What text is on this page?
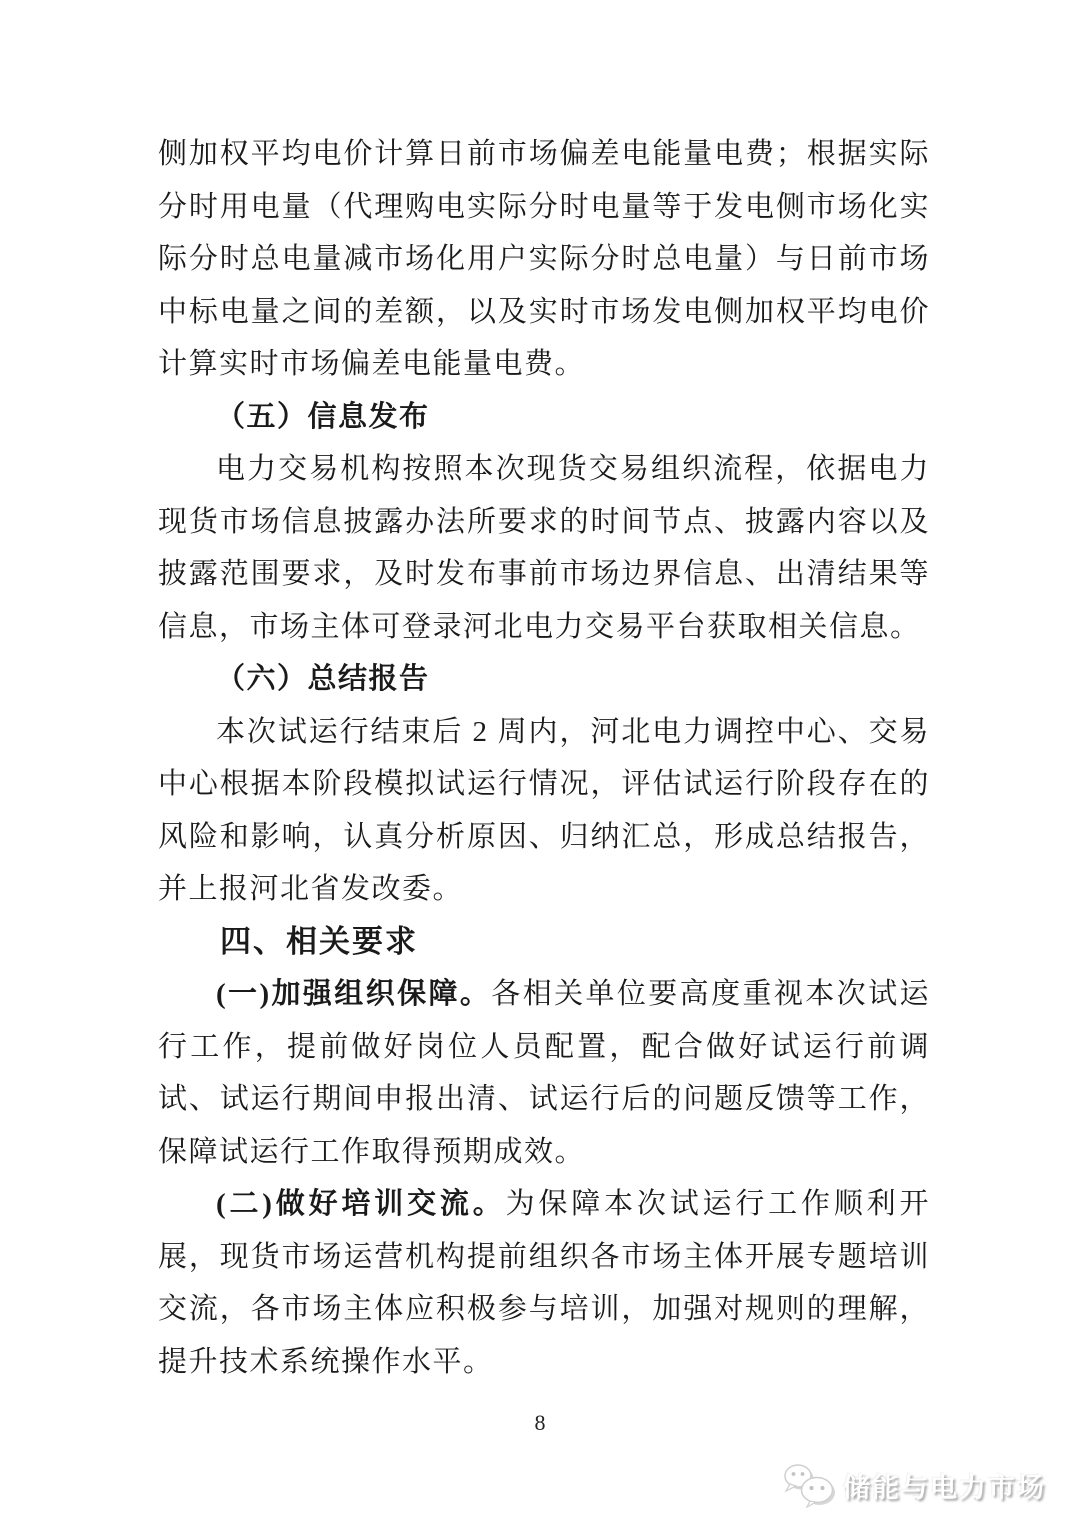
侧加权平均电价计算日前市场偏差电能量电费；根据实际分时用电量（代理购电实际分时电量等于发电侧市场化实际分时总电量减市场化用户实际分时总电量）与日前市场中标电量之间的差额，以及实时市场发电侧加权平均电价计算实时市场偏差电能量电费。

（五）信息发布

电力交易机构按照本次现货交易组织流程，依据电力现货市场信息披露办法所要求的时间节点、披露内容以及披露范围要求，及时发布事前市场边界信息、出清结果等信息，市场主体可登录河北电力交易平台获取相关信息。

（六）总结报告

本次试运行结束后 2 周内，河北电力调控中心、交易中心根据本阶段模拟试运行情况，评估试运行阶段存在的风险和影响，认真分析原因、归纳汇总，形成总结报告，并上报河北省发改委。

四、相关要求

(一)加强组织保障。各相关单位要高度重视本次试运行工作，提前做好岗位人员配置，配合做好试运行前调试、试运行期间申报出清、试运行后的问题反馈等工作，保障试运行工作取得预期成效。

(二)做好培训交流。为保障本次试运行工作顺利开展，现货市场运营机构提前组织各市场主体开展专题培训交流，各市场主体应积极参与培训，加强对规则的理解，提升技术系统操作水平。

8
储能与电力市场
